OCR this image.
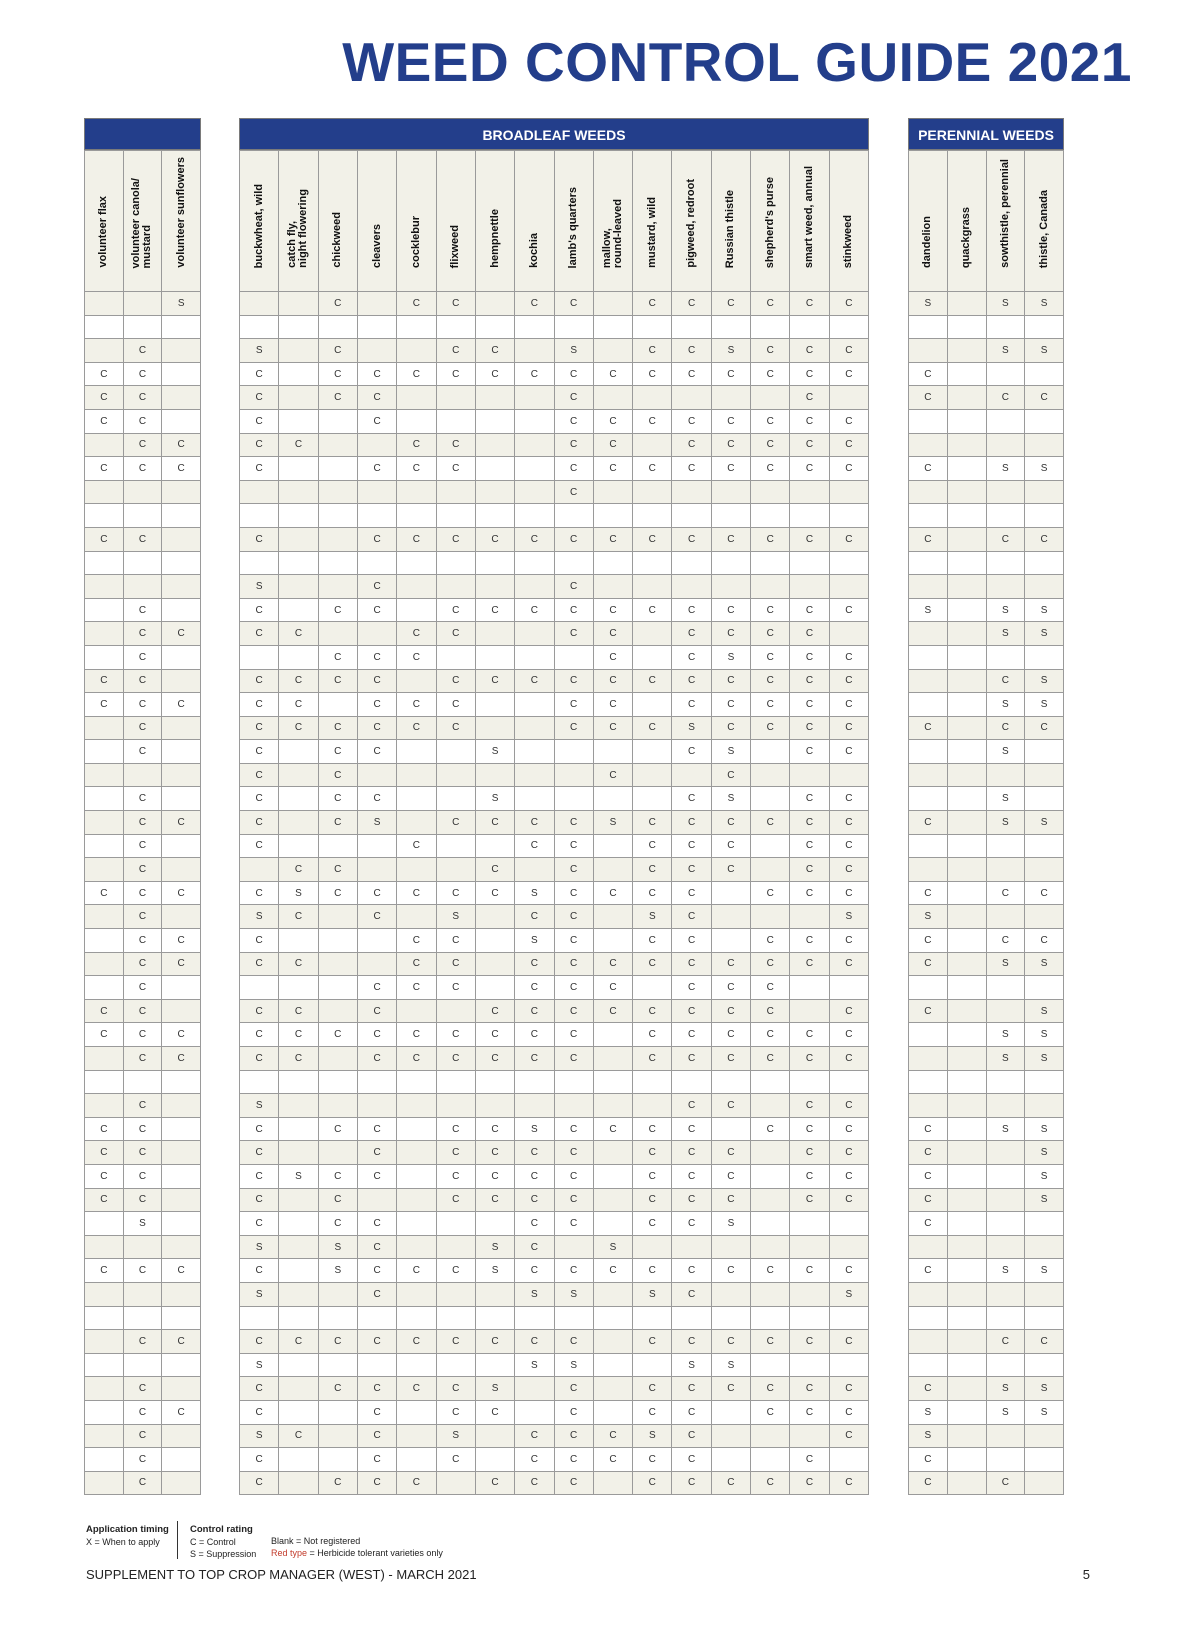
WEED CONTROL GUIDE 2021
volunteer flax	volunteer canola/
mustard	volunteer sunflowers
		S

	C	
C	C	
C	C	
C	C	
	C	C
C	C	C

C	C	

	C	
	C	C
	C	
C	C	
C	C	C
	C	
	C	

	C	
	C	C
	C	
	C	
C	C	C
	C	
	C	C
	C	C
	C	
C	C	
C	C	C
	C	C

	C	
C	C	
C	C	
C	C	
C	C	
	S	

C	C	C

	C	C

	C	
	C	C
	C	
	C	
	C	
BROADLEAF WEEDS
buckwheat, wild	catch fly,
night flowering	chickweed	cleavers	cocklebur	flixweed	hempnettle	kochia	lamb's quarters	mallow,
round-leaved	mustard, wild	pigweed, redroot	Russian thistle	shepherd's purse	smart weed, annual	stinkweed
		C		C	C		C	C		C	C	C	C	C	C

S		C			C	C		S		C	C	S	C	C	C
C		C	C	C	C	C	C	C	C	C	C	C	C	C	C
C		C	C					C						C	
C			C					C	C	C	C	C	C	C	C
C	C			C	C			C	C		C	C	C	C	C
C			C	C	C			C	C	C	C	C	C	C	C
								C							

C			C	C	C	C	C	C	C	C	C	C	C	C	C

S			C					C							
C		C	C		C	C	C	C	C	C	C	C	C	C	C
C	C			C	C			C	C		C	C	C	C	
		C	C	C					C		C	S	C	C	C
C	C	C	C		C	C	C	C	C	C	C	C	C	C	C
C	C		C	C	C			C	C		C	C	C	C	C
C	C	C	C	C	C			C	C	C	S	C	C	C	C
C		C	C			S					C	S		C	C
C		C							C			C			
C		C	C			S					C	S		C	C
C		C	S		C	C	C	C	S	C	C	C	C	C	C
C				C			C	C		C	C	C		C	C
	C	C				C		C		C	C	C		C	C
C	S	C	C	C	C	C	S	C	C	C	C		C	C	C
S	C		C		S		C	C		S	C				S
C				C	C		S	C		C	C		C	C	C
C	C			C	C		C	C	C	C	C	C	C	C	C
			C	C	C		C	C	C		C	C	C		
C	C		C			C	C	C	C	C	C	C	C		C
C	C	C	C	C	C	C	C	C		C	C	C	C	C	C
C	C		C	C	C	C	C	C		C	C	C	C	C	C

S											C	C		C	C
C		C	C		C	C	S	C	C	C	C		C	C	C
C			C		C	C	C	C		C	C	C		C	C
C	S	C	C		C	C	C	C		C	C	C		C	C
C		C			C	C	C	C		C	C	C		C	C
C		C	C				C	C		C	C	S			
S		S	C			S	C		S						
C		S	C	C	C	S	C	C	C	C	C	C	C	C	C
S			C				S	S		S	C				S

C	C	C	C	C	C	C	C	C		C	C	C	C	C	C
S							S	S			S	S			
C		C	C	C	C	S		C		C	C	C	C	C	C
C			C		C	C		C		C	C		C	C	C
S	C		C		S		C	C	C	S	C				C
C			C		C		C	C	C	C	C			C	
C		C	C	C		C	C	C		C	C	C	C	C	C
PERENNIAL WEEDS
dandelion	quackgrass	sowthistle, perennial	thistle, Canada
S		S	S

		S	S
C			
C		C	C

C		S	S

C		C	C

S		S	S
		S	S

		C	S
		S	S
C		C	C
		S	

		S	
C		S	S

C		C	C
S			
C		C	C
C		S	S

C			S
		S	S
		S	S

C		S	S
C			S
C			S
C			S
C			

C		S	S

		C	C

C		S	S
S		S	S
S			
C			
C		C	
Application timing
X = When to apply
Control rating
C = Control
S = Suppression
Blank = Not registered
Red type = Herbicide tolerant varieties only
SUPPLEMENT TO TOP CROP MANAGER (WEST) - MARCH 2021	5
